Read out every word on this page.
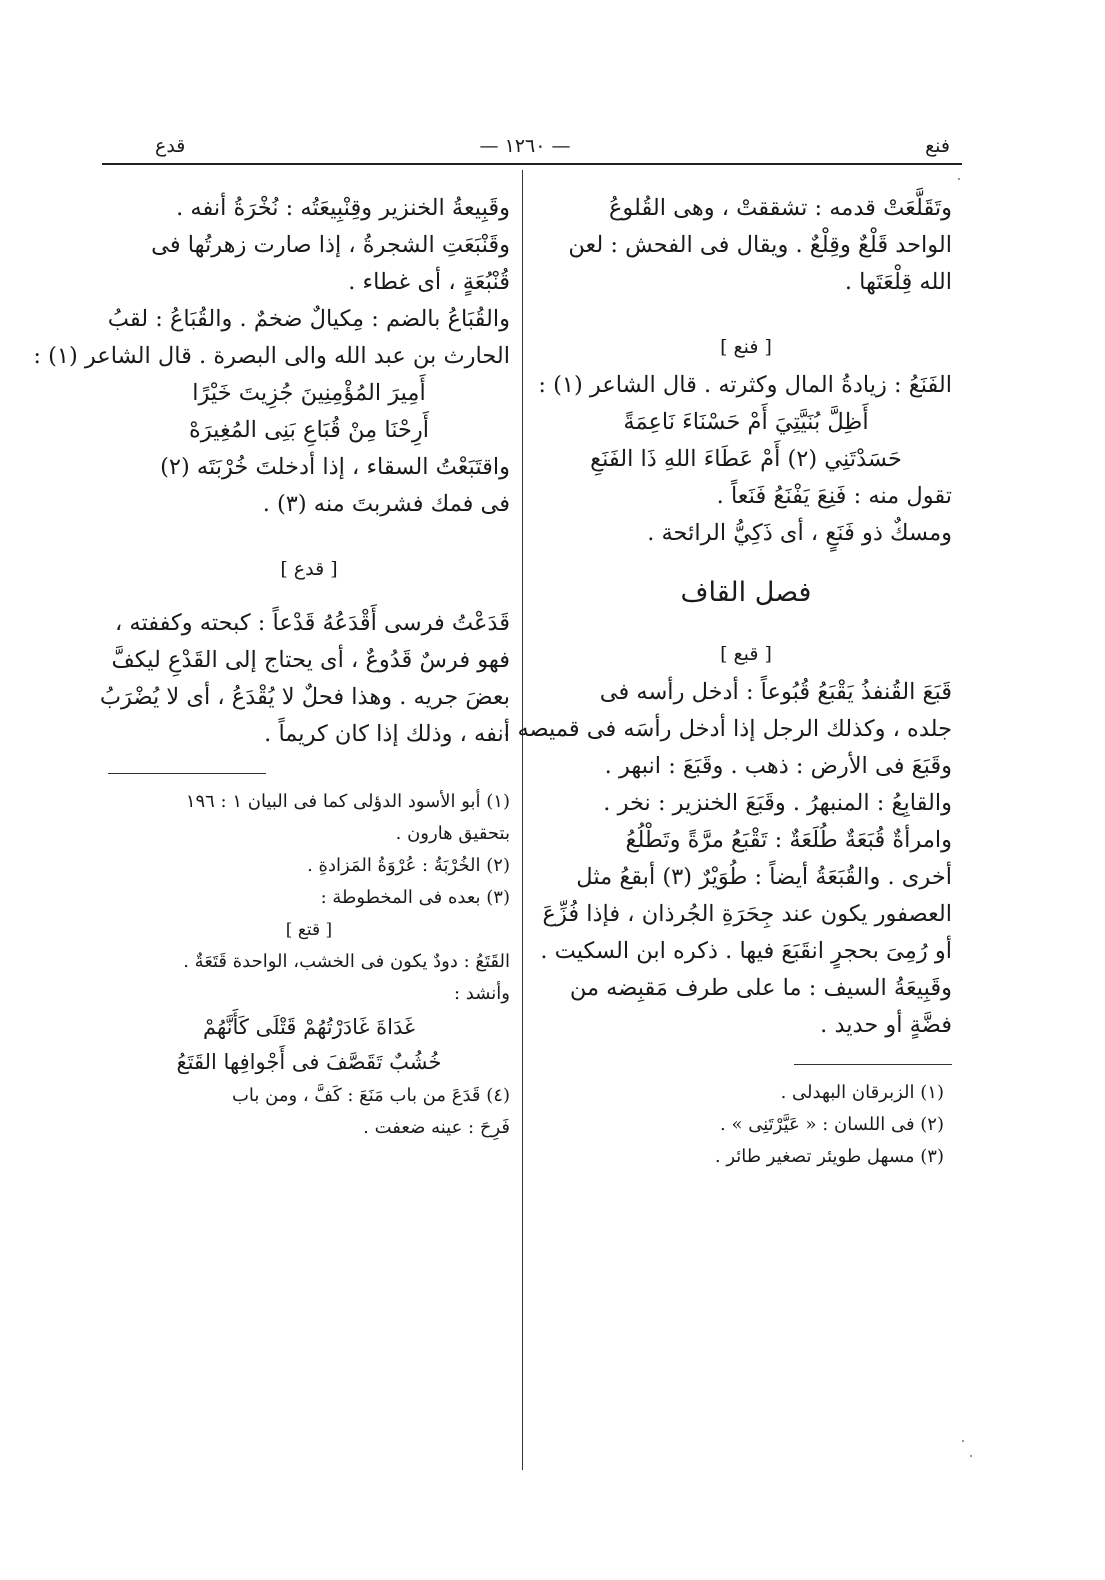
فنع
— ١٢٦٠ —
قدع
وتَقَلَّعَتْ قدمه : تشققتْ ، وهى القُلوعُ
الواحد قَلْعٌ وقِلْعٌ . ويقال فى الفحش : لعن
الله قِلْعَتَها .
[ فنع ]
الفَنَعُ : زيادةُ المال وكثرته . قال الشاعر (١) :
أَظِلَّ بُنَيَّتِيَ أَمْ حَسْنَاءَ نَاعِمَةً
حَسَدْتَنِي (٢) أَمْ عَطَاءَ اللهِ ذَا الفَنَعِ
تقول منه : فَنِعَ يَفْنَعُ فَنَعاً .
ومسكٌ ذو فَنَعٍ ، أى ذَكِيُّ الرائحة .
فصل القاف
[ قبع ]
قَبَعَ القُنفذُ يَقْبَعُ قُبُوعاً : أدخل رأسه فى
جلده ، وكذلك الرجل إذا أدخل رأسَه فى قميصه .
وقَبَعَ فى الأرض : ذهب . وقَبَعَ : انبهر .
والقابِعُ : المنبهرُ . وقَبَعَ الخنزير : نخر .
وامرأةٌ قُبَعَةٌ طُلَعَةٌ : تَقْبَعُ مرَّةً وتَطْلُعُ
أخرى . والقُبَعَةُ أيضاً : طُوَيْرٌ (٣) أبقعُ مثل
العصفور يكون عند جِحَرَةِ الجُرذان ، فإذا فُزِّعَ
أو رُمِىَ بحجرٍ انقَبَعَ فيها . ذكره ابن السكيت .
وقَبِيعَةُ السيف : ما على طرف مَقبِضه من
فضَّةٍ أو حديد .
(١) الزبرقان البهدلى .
(٢) فى اللسان : « عَيَّرْتَنِى » .
(٣) مسهل طويئر تصغير طائر .
وقَبِيعةُ الخنزير وقِنْبِيعَتُه : نُخْرَةُ أنفه .
وقَنْبَعَتِ الشجرةُ ، إذا صارت زهرتُها فى
قُنْبُعَةٍ ، أى غطاء .
والقُبَاعُ بالضم : مِكيالٌ ضخمٌ . والقُبَاعُ : لقبُ
الحارث بن عبد الله والى البصرة . قال الشاعر (١) :
أَمِيرَ المُؤْمِنِينَ جُزِيتَ خَيْرًا
أَرِحْنَا مِنْ قُبَاعِ بَنِى المُغِيرَهْ
واقتَبَعْتُ السقاء ، إذا أدخلتَ خُرْبَتَه (٢)
فى فمك فشربتَ منه (٣) .
[ قدع ]
قَدَعْتُ فرسى أَقْدَعُهُ قَدْعاً : كبحته وكففته ،
فهو فرسٌ قَدُوعٌ ، أى يحتاج إلى القَدْعِ ليكفَّ
بعضَ جريه . وهذا فحلٌ لا يُقْدَعُ ، أى لا يُضْرَبُ
أنفه ، وذلك إذا كان كريماً .
(١) أبو الأسود الدؤلى كما فى البيان ١ : ١٩٦
بتحقيق هارون .
(٢) الخُرْبَةُ : عُرْوَةُ المَزادةِ .
(٣) بعده فى المخطوطة :
[ قتع ]
القَتَعُ : دودٌ يكون فى الخشب، الواحدة قَتَعَةٌ .
وأنشد :
غَدَاةَ غَادَرْتُهُمْ قَتْلَى كَأَنَّهُمْ
خُشُبٌ تَقَصَّفَ فى أَجْوافِها القَتَعُ
(٤) قَدَعَ من باب مَنَعَ : كَفَّ ، ومن باب
فَرِحَ : عينه ضعفت .
